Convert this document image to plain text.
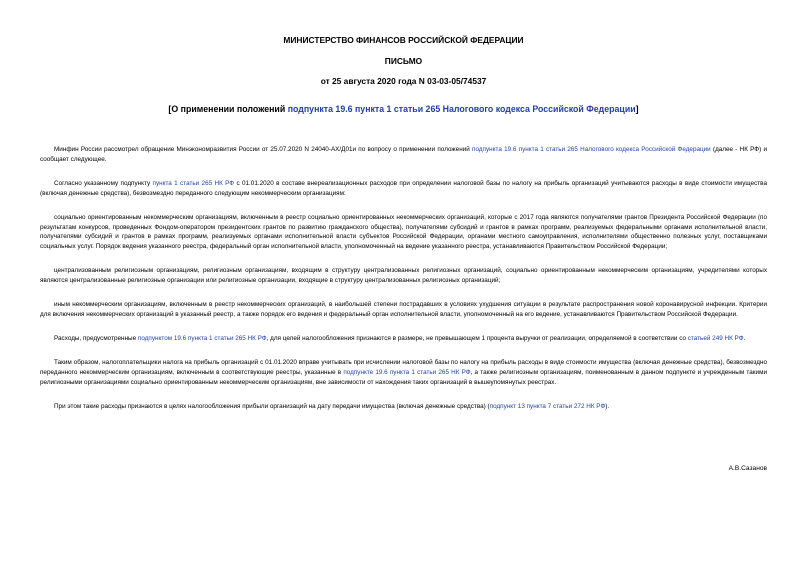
МИНИСТЕРСТВО ФИНАНСОВ РОССИЙСКОЙ ФЕДЕРАЦИИ
ПИСЬМО
от 25 августа 2020 года N 03-03-05/74537
[О применении положений подпункта 19.6 пункта 1 статьи 265 Налогового кодекса Российской Федерации]

Минфин России рассмотрел обращение Минэкономразвития России от 25.07.2020 N 24040-АХ/Д01и по вопросу о применении положений подпункта 19.6 пункта 1 статьи 265 Налогового кодекса Российской Федерации (далее - НК РФ) и сообщает следующее.

Согласно указанному подпункту пункта 1 статьи 265 НК РФ с 01.01.2020 в составе внереализационных расходов при определении налоговой базы по налогу на прибыль организаций учитываются расходы в виде стоимости имущества (включая денежные средства), безвозмездно переданного следующим некоммерческим организациям:

социально ориентированным некоммерческим организациям, включенным в реестр социально ориентированных некоммерческих организаций, которые с 2017 года являются получателями грантов Президента Российской Федерации (по результатам конкурсов, проведенных Фондом-оператором президентских грантов по развитию гражданского общества), получателями субсидий и грантов в рамках программ, реализуемых федеральными органами исполнительной власти, получателями субсидий и грантов в рамках программ, реализуемых органами исполнительной власти субъектов Российской Федерации, органами местного самоуправления, исполнителями общественно полезных услуг, поставщиками социальных услуг. Порядок ведения указанного реестра, федеральный орган исполнительной власти, уполномоченный на ведение указанного реестра, устанавливаются Правительством Российской Федерации;

централизованным религиозным организациям, религиозным организациям, входящим в структуру централизованных религиозных организаций, социально ориентированным некоммерческим организациям, учредителями которых являются централизованные религиозные организации или религиозные организации, входящие в структуру централизованных религиозных организаций;

иным некоммерческим организациям, включенным в реестр некоммерческих организаций, в наибольшей степени пострадавших в условиях ухудшения ситуации в результате распространения новой коронавирусной инфекции. Критерии для включения некоммерческих организаций в указанный реестр, а также порядок его ведения и федеральный орган исполнительной власти, уполномоченный на его ведение, устанавливаются Правительством Российской Федерации.

Расходы, предусмотренные подпунктом 19.6 пункта 1 статьи 265 НК РФ, для целей налогообложения признаются в размере, не превышающем 1 процента выручки от реализации, определяемой в соответствии со статьей 249 НК РФ.

Таким образом, налогоплательщики налога на прибыль организаций с 01.01.2020 вправе учитывать при исчислении налоговой базы по налогу на прибыль расходы в виде стоимости имущества (включая денежные средства), безвозмездно переданного некоммерческим организациям, включенным в соответствующие реестры, указанные в подпункте 19.6 пункта 1 статьи 265 НК РФ, а также религиозным организациям, поименованным в данном подпункте и учрежденным такими религиозными организациями социально ориентированным некоммерческим организациям, вне зависимости от нахождения таких организаций в вышеупомянутых реестрах.

При этом такие расходы признаются в целях налогообложения прибыли организаций на дату передачи имущества (включая денежные средства) (подпункт 13 пункта 7 статьи 272 НК РФ).

А.В.Сазанов
